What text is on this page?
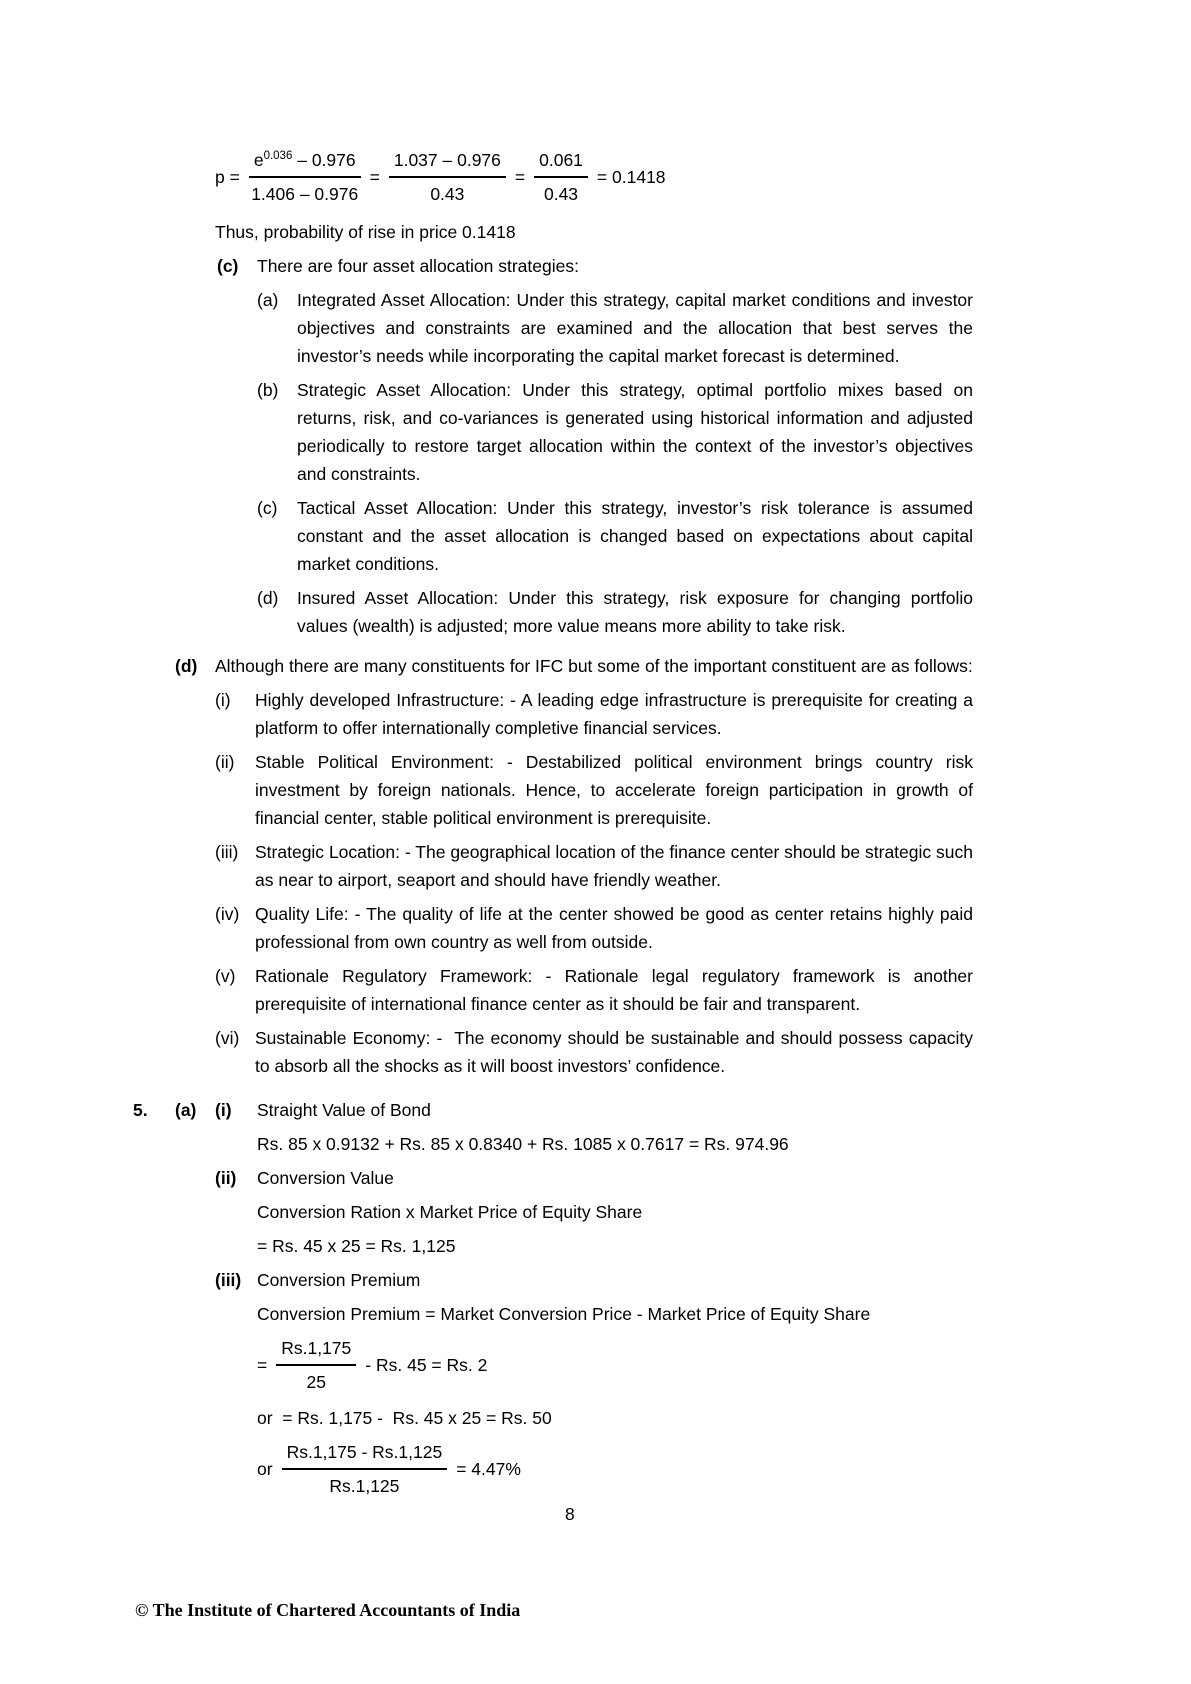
$p = \frac{e^{0.036} - 0.976}{1.406 - 0.976} = \frac{1.037 - 0.976}{0.43} = \frac{0.061}{0.43} = 0.1418$

Thus, probability of rise in price 0.1418

(c)	There are four asset allocation strategies:

(a)	Integrated Asset Allocation: Under this strategy, capital market conditions and investor objectives and constraints are examined and the allocation that best serves the investor’s needs while incorporating the capital market forecast is determined.
(b)	Strategic Asset Allocation: Under this strategy, optimal portfolio mixes based on returns, risk, and co-variances is generated using historical information and adjusted periodically to restore target allocation within the context of the investor’s objectives and constraints.
(c)	Tactical Asset Allocation: Under this strategy, investor’s risk tolerance is assumed constant and the asset allocation is changed based on expectations about capital market conditions.
(d)	Insured Asset Allocation: Under this strategy, risk exposure for changing portfolio values (wealth) is adjusted; more value means more ability to take risk.
(d)	Although there are many constituents for IFC but some of the important constituent are as follows:

(i)	Highly developed Infrastructure: - A leading edge infrastructure is prerequisite for creating a platform to offer internationally completive financial services.
(ii)	Stable Political Environment: - Destabilized political environment brings country risk investment by foreign nationals. Hence, to accelerate foreign participation in growth of financial center, stable political environment is prerequisite.
(iii) Strategic Location: - The geographical location of the finance center should be strategic such as near to airport, seaport and should have friendly weather.
(iv) Quality Life: - The quality of life at the center showed be good as center retains highly paid professional from own country as well from outside.
(v)	Rationale Regulatory Framework: - Rationale legal regulatory framework is another prerequisite of international finance center as it should be fair and transparent.
(vi) Sustainable Economy: -  The economy should be sustainable and should possess capacity to absorb all the shocks as it will boost investors’ confidence.
5.	(a)	(i)	Straight Value of Bond
Rs. 85 x 0.9132 + Rs. 85 x 0.8340 + Rs. 1085 x 0.7617 = Rs. 974.96
(ii)	Conversion Value
Conversion Ration x Market Price of Equity Share
= Rs. 45 x 25 = Rs. 1,125
(iii) Conversion Premium
Conversion Premium = Market Conversion Price - Market Price of Equity Share
= $\frac{Rs.1,175}{25}$ - Rs. 45 = Rs. 2
or  = Rs. 1,175 -  Rs. 45 x 25 = Rs. 50
or $\frac{Rs.1,175 - Rs.1,125}{Rs.1,125} = 4.47\%$
8
© The Institute of Chartered Accountants of India
